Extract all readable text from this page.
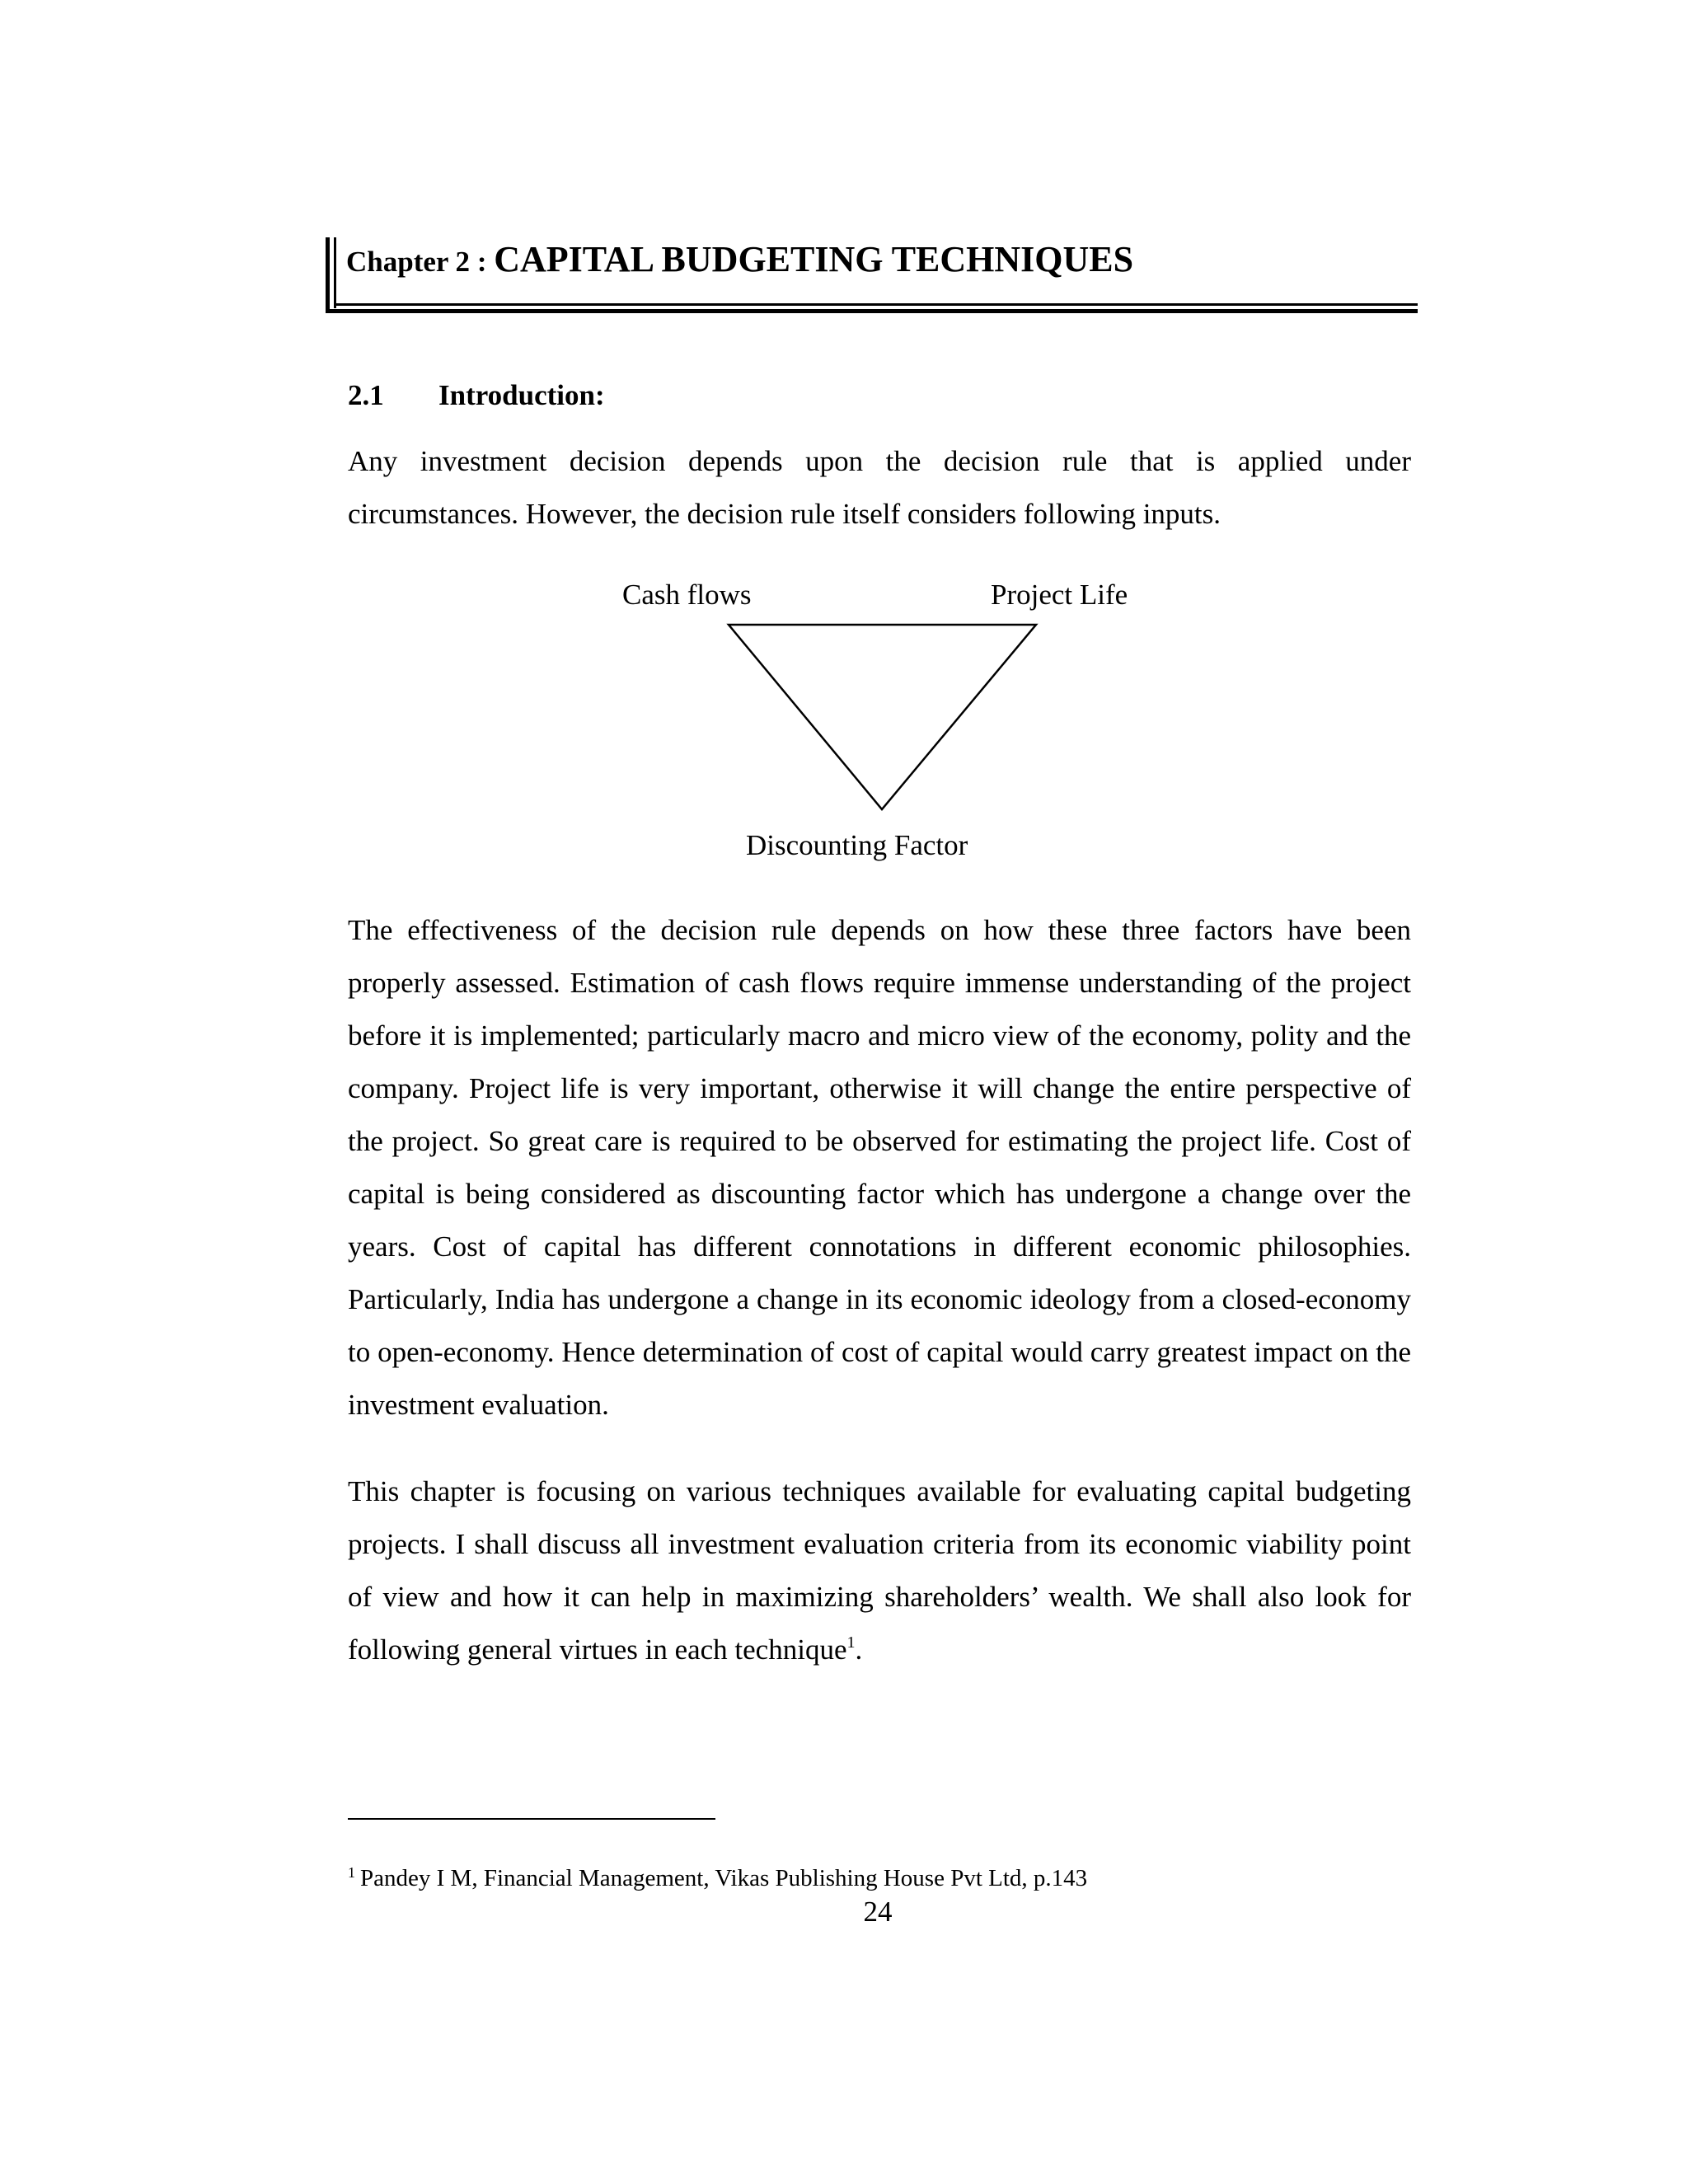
Chapter 2 : CAPITAL BUDGETING TECHNIQUES
2.1 Introduction:

Any investment decision depends upon the decision rule that is applied under circumstances. However, the decision rule itself considers following inputs.

Cash flows	Project Life
Discounting Factor

The effectiveness of the decision rule depends on how these three factors have been properly assessed. Estimation of cash flows require immense understanding of the project before it is implemented; particularly macro and micro view of the economy, polity and the company. Project life is very important, otherwise it will change the entire perspective of the project. So great care is required to be observed for estimating the project life. Cost of capital is being considered as discounting factor which has undergone a change over the years. Cost of capital has different connotations in different economic philosophies. Particularly, India has undergone a change in its economic ideology from a closed-economy to open-economy. Hence determination of cost of capital would carry greatest impact on the investment evaluation.

This chapter is focusing on various techniques available for evaluating capital budgeting projects. I shall discuss all investment evaluation criteria from its economic viability point of view and how it can help in maximizing shareholders’ wealth. We shall also look for following general virtues in each technique$^1$.

$^1$ Pandey I M, Financial Management, Vikas Publishing House Pvt Ltd, p.143
24
